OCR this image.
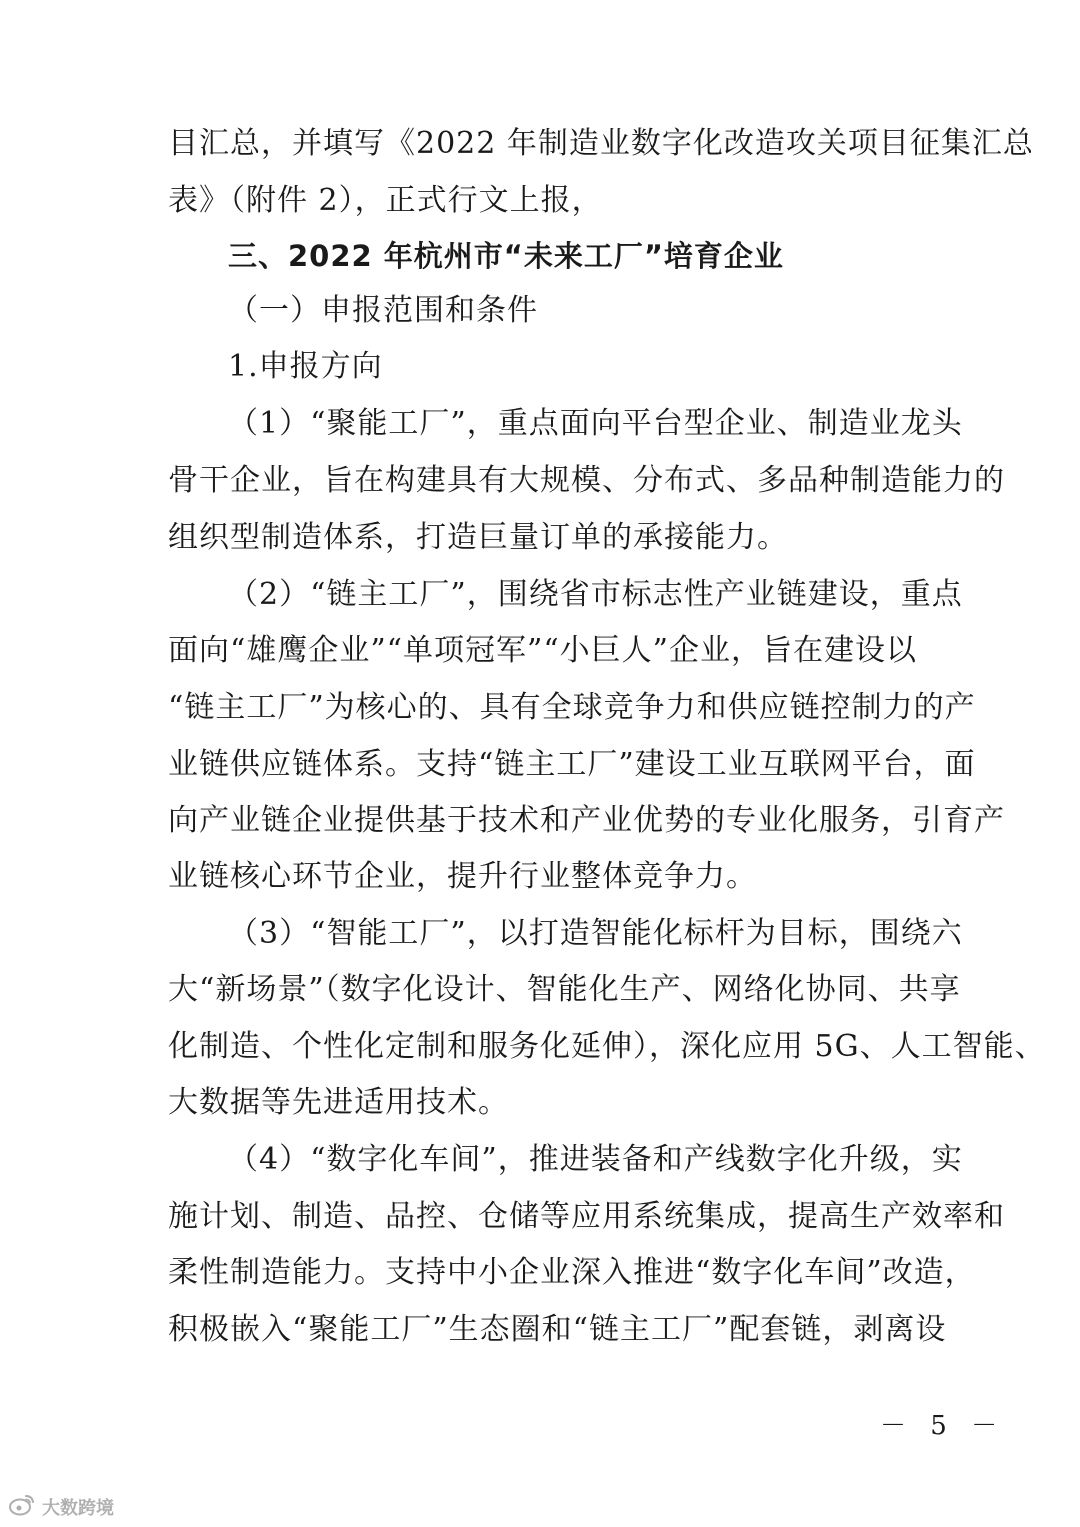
目汇总，并填写《2022 年制造业数字化改造攻关项目征集汇总
表》（附件 2），正式行文上报，
三、2022 年杭州市“未来工厂”培育企业
（一）申报范围和条件
1.申报方向
（1）“聚能工厂”，重点面向平台型企业、制造业龙头
骨干企业，旨在构建具有大规模、分布式、多品种制造能力的
组织型制造体系，打造巨量订单的承接能力。
（2）“链主工厂”，围绕省市标志性产业链建设，重点
面向“雄鹰企业”“单项冠军”“小巨人”企业，旨在建设以
“链主工厂”为核心的、具有全球竞争力和供应链控制力的产
业链供应链体系。支持“链主工厂”建设工业互联网平台，面
向产业链企业提供基于技术和产业优势的专业化服务，引育产
业链核心环节企业，提升行业整体竞争力。
（3）“智能工厂”，以打造智能化标杆为目标，围绕六
大“新场景”（数字化设计、智能化生产、网络化协同、共享
化制造、个性化定制和服务化延伸），深化应用 5G、人工智能、
大数据等先进适用技术。
（4）“数字化车间”，推进装备和产线数字化升级，实
施计划、制造、品控、仓储等应用系统集成，提高生产效率和
柔性制造能力。支持中小企业深入推进“数字化车间”改造，
积极嵌入“聚能工厂”生态圈和“链主工厂”配套链，剥离设
－ 5 －
大数跨境
